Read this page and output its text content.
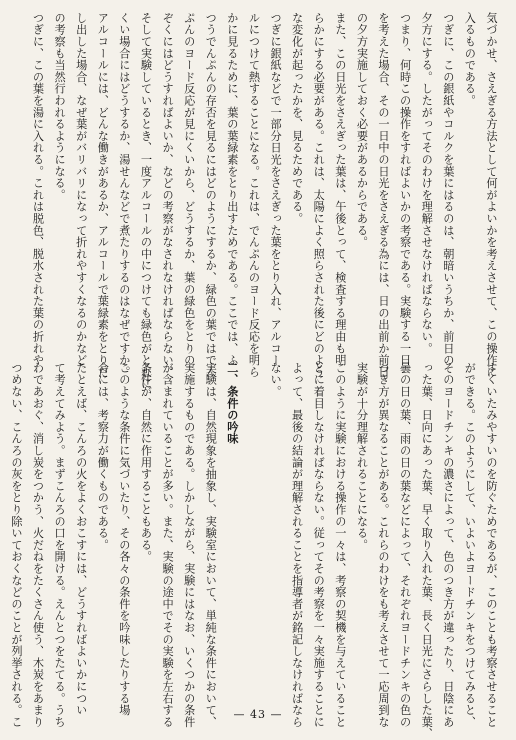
気づかせ、さえぎる方法として何がよいかを考えさせて、この操作に
入るものである。
つぎに、この銀紙やコルクを葉にはるのは、朝暗いうちか、前日の
夕方にする。したがってそのわけを理解させなければならない。
つまり、何時この操作をすればよいかの考察である。実験する一日
を考えた場合、その一日中の日光をさえぎる為には、日の出前か前日
の夕方実施しておく必要があるからである。
また、この日光をさえぎった葉は、午後とって、検査する理由も明
らかにする必要がある。これは、太陽によく照らされた後にどのよう
な変化が起ったかを、見るためである。
つぎに銀紙などで一部分日光をさえぎった葉をとり入れ、アルコー
ルにつけて熱することになる。これは、でんぷんのヨード反応を明ら
かに見るために、葉の葉緑素をとり出すためである。ここでは、ふ
つうでんぷんの存否を見るにはどのようにするか、緑色の葉ではでん
ぷんのヨード反応が見にくいから、どうするか、葉の緑色をとりの
ぞくにはどうすればよいか、などの考察がなされなければならない。
そして実験しているとき、一度アルコールの中につけても緑色がとれに
くい場合にはどうするか、湯せんなどで煮たりするのはなぜですか。
アルコールには、どんな働きがあるか、アルコールで葉緑素をとりだ
し出した場合、なぜ葉がバリバリになって折れやすくなるのかなど
の考察も当然行われるようになる。
つぎに、この葉を湯に入れる。これは脱色、脱水された葉の折れや
すくいたみやすいのを防ぐためであるが、このことも考察させること
ができる。このようにして、いよいよヨードチンキをつけてみると、
そのヨードチンキの濃さによって、色のつき方が違ったり、日陰にあ
った葉、日向にあった葉、早く取り入れた葉、長く日光にさらした葉、
曇の日の葉、雨の日の葉などによって、それぞれヨードチンキの色の
つき方が異なることがある。これらのわけをも考えさせて一応周到な
実験が十分理解されることになる。
このように実験における操作の一々は、考察の契機を与えていること
とに着目しなければならない。従ってその考察を一々実施することに
よって、最後の結論が理解されることを指導者が銘記しなければなら
ない。

二、条件の吟味
実験は、自然現象を抽象し、実験室において、単純な条件において、
実施するものである。しかしながら、実験にはなお、いくつかの条件
が含まれていることが多い。また、実験の途中でその実験を左右する
条件が、自然に作用することもある。
このような条件に気づいたり、その各々の条件を吟味したりする場
合には、考察力が働くものである。
たとえば、こんろの火をよくおこすには、どうすればよいかについ
て考えてみよう。まずこんろの口を開ける。えんとつをたてる。うち
わであおぐ、消し炭をつかう、火だねをたくさん使う、木炭をあまり
つめない、こんろの灰をとり除いておくなどのことが列挙される。こ	— 43 —
